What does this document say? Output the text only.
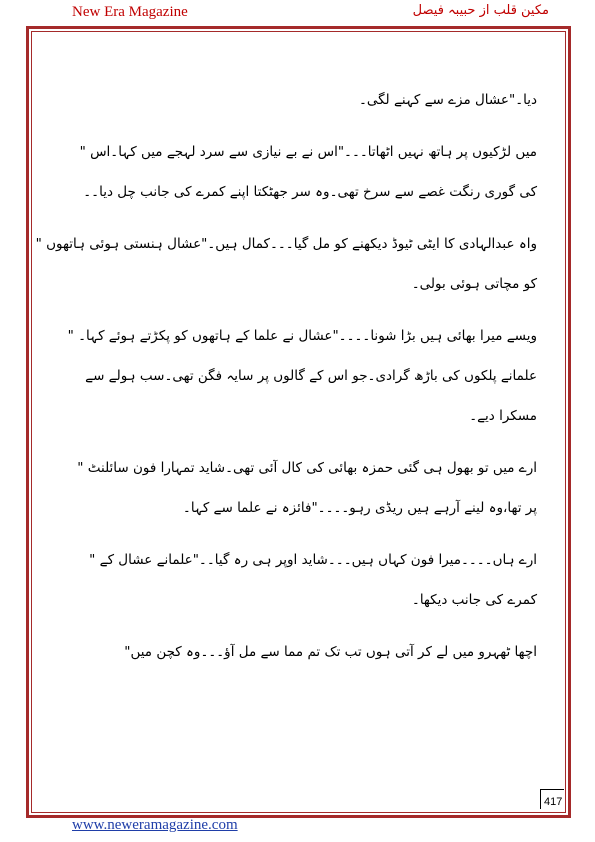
New Era Magazine	مکین قلب از حبیبہ فیصل
دیا۔"عشال مزے سے کہنے لگی۔
میں لڑکیوں پر ہاتھ نہیں اٹھاتا۔۔۔"اس نے بے نیازی سے سرد لہجے میں کہا۔اس "
کی گوری رنگت غصے سے سرخ تھی۔وہ سر جھٹکتا اپنے کمرے کی جانب چل دیا۔۔
واہ عبدالہادی کا ایٹی ٹیوڈ دیکھنے کو مل گیا۔۔۔کمال ہیں۔"عشال ہنستی ہوئی ہاتھوں "
کو مچاتی ہوئی بولی۔
ویسے میرا بھائی ہیں بڑا شونا۔۔۔۔"عشال نے علما کے ہاتھوں کو پکڑتے ہوئے کہا۔ "
علمانے پلکوں کی باڑھ گرادی۔جو اس کے گالوں پر سایہ فگن تھی۔سب ہولے سے
مسکرا دیے۔
ارے میں تو بھول ہی گئی حمزہ بھائی کی کال آئی تھی۔شاید تمہارا فون سائلنٹ "
پر تھا،وہ لینے آرہے ہیں ریڈی رہو۔۔۔۔"فائزہ نے علما سے کہا۔
ارے ہاں۔۔۔۔میرا فون کہاں ہیں۔۔۔شاید اوپر ہی رہ گیا۔۔"علمانے عشال کے "
کمرے کی جانب دیکھا۔
اچھا ٹھہرو میں لے کر آتی ہوں تب تک تم مما سے مل آؤ۔۔۔وہ کچن میں"
417
www.neweramagazine.com
